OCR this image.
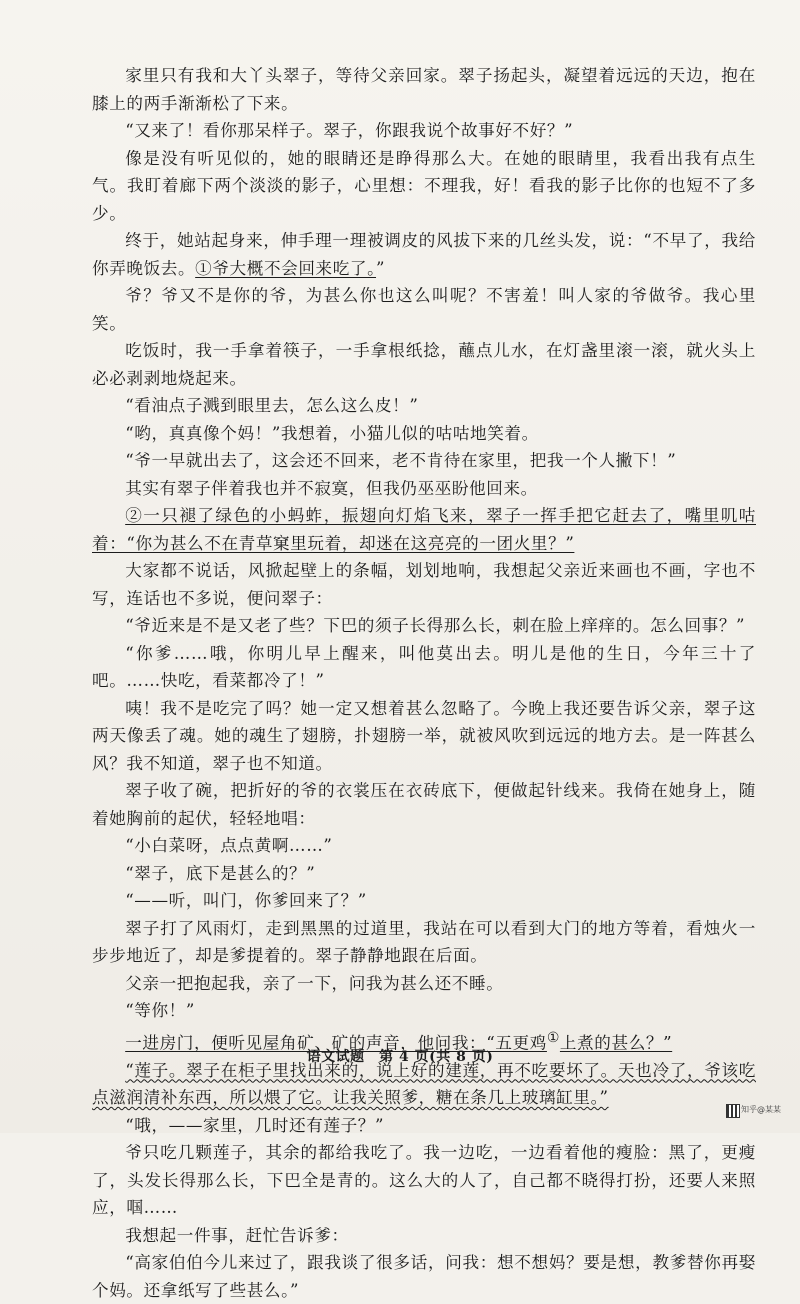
家里只有我和大丫头翠子，等待父亲回家。翠子扬起头，凝望着远远的天边，抱在膝上的两手渐渐松了下来。

“又来了！看你那呆样子。翠子，你跟我说个故事好不好？”

像是没有听见似的，她的眼睛还是睁得那么大。在她的眼睛里，我看出我有点生气。我盯着廊下两个淡淡的影子，心里想：不理我，好！看我的影子比你的也短不了多少。

终于，她站起身来，伸手理一理被调皮的风拔下来的几丝头发，说：“不早了，我给你弄晚饭去。①爷大概不会回来吃了。”

爷？爷又不是你的爷，为甚么你也这么叫呢？不害羞！叫人家的爷做爷。我心里笑。

吃饭时，我一手拿着筷子，一手拿根纸捻，蘸点儿水，在灯盏里滚一滚，就火头上必必剥剥地烧起来。

“看油点子溅到眼里去，怎么这么皮！”

“哟，真真像个妈！”我想着，小猫儿似的咕咕地笑着。

“爷一早就出去了，这会还不回来，老不肯待在家里，把我一个人撇下！”

其实有翠子伴着我也并不寂寞，但我仍巫巫盼他回来。

②一只褪了绿色的小蚂蚱，振翅向灯焰飞来，翠子一挥手把它赶去了，嘴里叽咕着：“你为甚么不在青草窠里玩着，却迷在这亮亮的一团火里？”

大家都不说话，风掀起壁上的条幅，划划地响，我想起父亲近来画也不画，字也不写，连话也不多说，便问翠子：

“爷近来是不是又老了些？下巴的须子长得那么长，刺在脸上痒痒的。怎么回事？”

“你爹……哦，你明儿早上醒来，叫他莫出去。明儿是他的生日，今年三十了吧。……快吃，看菜都冷了！”

咦！我不是吃完了吗？她一定又想着甚么忽略了。今晚上我还要告诉父亲，翠子这两天像丢了魂。她的魂生了翅膀，扑翅膀一举，就被风吹到远远的地方去。是一阵甚么风？我不知道，翠子也不知道。

翠子收了碗，把折好的爷的衣裳压在衣砖底下，便做起针线来。我倚在她身上，随着她胸前的起伏，轻轻地唱：

“小白菜呀，点点黄啊……”

“翠子，底下是甚么的？”

“——听，叫门，你爹回来了？”

翠子打了风雨灯，走到黑黑的过道里，我站在可以看到大门的地方等着，看烛火一步步地近了，却是爹提着的。翠子静静地跟在后面。

父亲一把抱起我，亲了一下，问我为甚么还不睡。

“等你！”

一进房门，便听见屋角矿、矿的声音，他问我：“五更鸡①上煮的甚么？”

“莲子。翠子在柜子里找出来的，说上好的建莲，再不吃要坏了。天也冷了，爷该吃点滋润清补东西，所以煨了它。让我关照爹，糖在条几上玻璃缸里。”

“哦，——家里，几时还有莲子？”

爷只吃几颗莲子，其余的都给我吃了。我一边吃，一边看着他的瘦脸：黑了，更瘦了，头发长得那么长，下巴全是青的。这么大的人了，自己都不晓得打扮，还要人来照应，啯……

我想起一件事，赶忙告诉爹：

“高家伯伯今儿来过了，跟我谈了很多话，问我：想不想妈？要是想，教爹替你再娶个妈。还拿纸写了些甚么。”

语文试题　第 4 页(共 8 页)
知乎@某某
